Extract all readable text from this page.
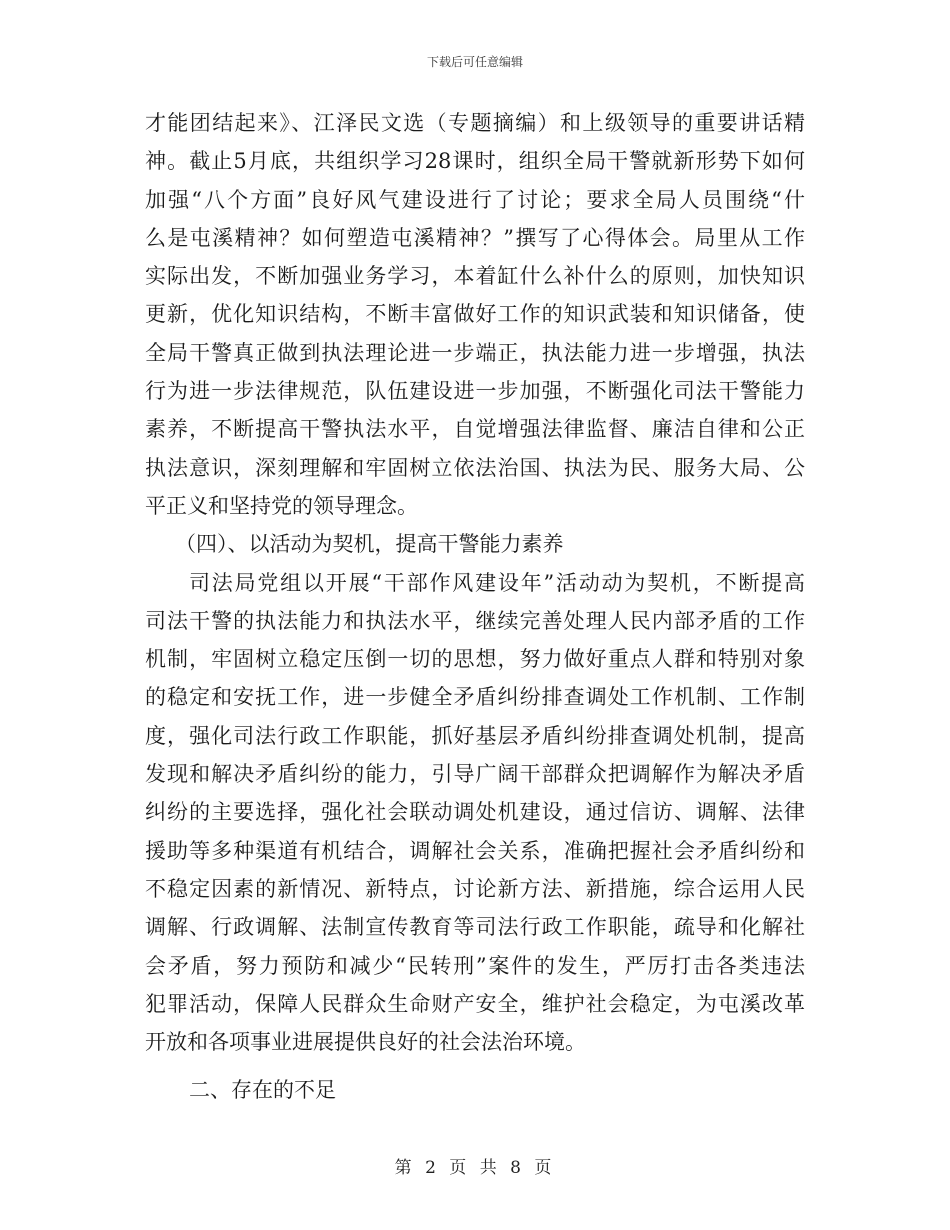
下载后可任意编辑
才能团结起来》、江泽民文选（专题摘编）和上级领导的重要讲话精
神。截止5月底，共组织学习28课时，组织全局干警就新形势下如何
加强“八个方面”良好风气建设进行了讨论；要求全局人员围绕“什
么是屯溪精神？如何塑造屯溪精神？”撰写了心得体会。局里从工作
实际出发，不断加强业务学习，本着缸什么补什么的原则，加快知识
更新，优化知识结构，不断丰富做好工作的知识武装和知识储备，使
全局干警真正做到执法理论进一步端正，执法能力进一步增强，执法
行为进一步法律规范，队伍建设进一步加强，不断强化司法干警能力
素养，不断提高干警执法水平，自觉增强法律监督、廉洁自律和公正
执法意识，深刻理解和牢固树立依法治国、执法为民、服务大局、公
平正义和坚持党的领导理念。
（四）、以活动为契机，提高干警能力素养
司法局党组以开展“干部作风建设年”活动动为契机，不断提高
司法干警的执法能力和执法水平，继续完善处理人民内部矛盾的工作
机制，牢固树立稳定压倒一切的思想，努力做好重点人群和特别对象
的稳定和安抚工作，进一步健全矛盾纠纷排查调处工作机制、工作制
度，强化司法行政工作职能，抓好基层矛盾纠纷排查调处机制，提高
发现和解决矛盾纠纷的能力，引导广阔干部群众把调解作为解决矛盾
纠纷的主要选择，强化社会联动调处机建设，通过信访、调解、法律
援助等多种渠道有机结合，调解社会关系，准确把握社会矛盾纠纷和
不稳定因素的新情况、新特点，讨论新方法、新措施，综合运用人民
调解、行政调解、法制宣传教育等司法行政工作职能，疏导和化解社
会矛盾，努力预防和减少“民转刑”案件的发生，严厉打击各类违法
犯罪活动，保障人民群众生命财产安全，维护社会稳定，为屯溪改革
开放和各项事业进展提供良好的社会法治环境。
二、存在的不足
第 2 页 共 8 页
